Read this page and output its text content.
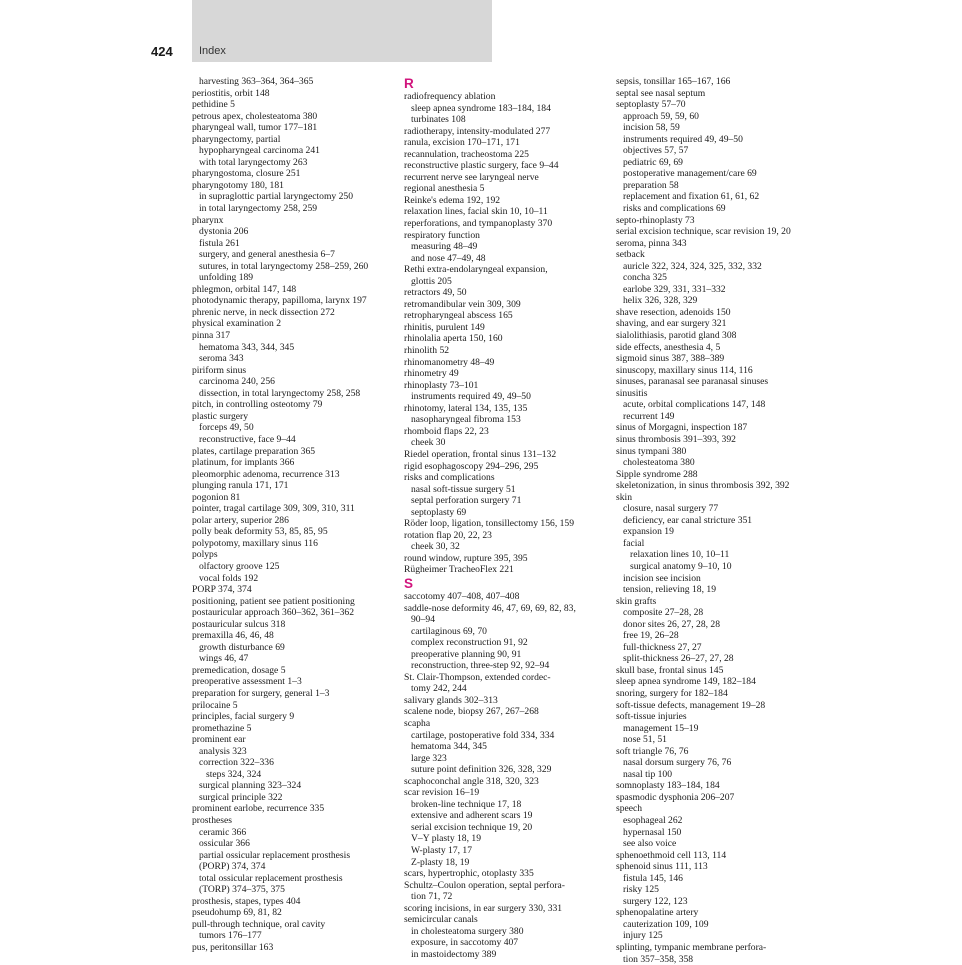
424 Index
harvesting 363–364, 364–365
periostitis, orbit 148
pethidine 5
petrous apex, cholesteatoma 380
pharyngeal wall, tumor 177–181
pharyngectomy, partial
hypopharyngeal carcinoma 241
with total laryngectomy 263
pharyngostoma, closure 251
pharyngotomy 180, 181
in supraglottic partial laryngectomy 250
in total laryngectomy 258, 259
pharynx
dystonia 206
fistula 261
surgery, and general anesthesia 6–7
sutures, in total laryngectomy 258–259, 260
unfolding 189
phlegmon, orbital 147, 148
photodynamic therapy, papilloma, larynx 197
phrenic nerve, in neck dissection 272
physical examination 2
pinna 317
hematoma 343, 344, 345
seroma 343
piriform sinus
carcinoma 240, 256
dissection, in total laryngectomy 258, 258
pitch, in controlling osteotomy 79
plastic surgery
forceps 49, 50
reconstructive, face 9–44
plates, cartilage preparation 365
platinum, for implants 366
pleomorphic adenoma, recurrence 313
plunging ranula 171, 171
pogonion 81
pointer, tragal cartilage 309, 309, 310, 311
polar artery, superior 286
polly beak deformity 53, 85, 85, 95
polypotomy, maxillary sinus 116
polyps
olfactory groove 125
vocal folds 192
PORP 374, 374
positioning, patient see patient positioning
postauricular approach 360–362, 361–362
postauricular sulcus 318
premaxilla 46, 46, 48
growth disturbance 69
wings 46, 47
premedication, dosage 5
preoperative assessment 1–3
preparation for surgery, general 1–3
prilocaine 5
principles, facial surgery 9
promethazine 5
prominent ear
analysis 323
correction 322–336
steps 324, 324
surgical planning 323–324
surgical principle 322
prominent earlobe, recurrence 335
prostheses
ceramic 366
ossicular 366
partial ossicular replacement prosthesis
(PORP) 374, 374
total ossicular replacement prosthesis
(TORP) 374–375, 375
prosthesis, stapes, types 404
pseudohump 69, 81, 82
pull-through technique, oral cavity
tumors 176–177
pus, peritonsillar 163
R
radiofrequency ablation
sleep apnea syndrome 183–184, 184
turbinates 108
radiotherapy, intensity-modulated 277
ranula, excision 170–171, 171
recannulation, tracheostoma 225
reconstructive plastic surgery, face 9–44
recurrent nerve see laryngeal nerve
regional anesthesia 5
Reinke's edema 192, 192
relaxation lines, facial skin 10, 10–11
reperforations, and tympanoplasty 370
respiratory function
measuring 48–49
and nose 47–49, 48
Rethi extra-endolaryngeal expansion,
glottis 205
retractors 49, 50
retromandibular vein 309, 309
retropharyngeal abscess 165
rhinitis, purulent 149
rhinolalia aperta 150, 160
rhinolith 52
rhinomanometry 48–49
rhinometry 49
rhinoplasty 73–101
instruments required 49, 49–50
rhinotomy, lateral 134, 135, 135
nasopharyngeal fibroma 153
rhomboid flaps 22, 23
cheek 30
Riedel operation, frontal sinus 131–132
rigid esophagoscopy 294–296, 295
risks and complications
nasal soft-tissue surgery 51
septal perforation surgery 71
septoplasty 69
Röder loop, ligation, tonsillectomy 156, 159
rotation flap 20, 22, 23
cheek 30, 32
round window, rupture 395, 395
Rügheimer TracheoFlex 221
S
saccotomy 407–408, 407–408
saddle-nose deformity 46, 47, 69, 69, 82, 83,
90–94
cartilaginous 69, 70
complex reconstruction 91, 92
preoperative planning 90, 91
reconstruction, three-step 92, 92–94
St. Clair-Thompson, extended cordec-
tomy 242, 244
salivary glands 302–313
scalene node, biopsy 267, 267–268
scapha
cartilage, postoperative fold 334, 334
hematoma 344, 345
large 323
suture point definition 326, 328, 329
scaphoconchal angle 318, 320, 323
scar revision 16–19
broken-line technique 17, 18
extensive and adherent scars 19
serial excision technique 19, 20
V–Y plasty 18, 19
W-plasty 17, 17
Z-plasty 18, 19
scars, hypertrophic, otoplasty 335
Schultz–Coulon operation, septal perfora-
tion 71, 72
scoring incisions, in ear surgery 330, 331
semicircular canals
in cholesteatoma surgery 380
exposure, in saccotomy 407
in mastoidectomy 389
sepsis, tonsillar 165–167, 166
septal see nasal septum
septoplasty 57–70
approach 59, 59, 60
incision 58, 59
instruments required 49, 49–50
objectives 57, 57
pediatric 69, 69
postoperative management/care 69
preparation 58
replacement and fixation 61, 61, 62
risks and complications 69
septo-rhinoplasty 73
serial excision technique, scar revision 19, 20
seroma, pinna 343
setback
auricle 322, 324, 324, 325, 332, 332
concha 325
earlobe 329, 331, 331–332
helix 326, 328, 329
shave resection, adenoids 150
shaving, and ear surgery 321
sialolithiasis, parotid gland 308
side effects, anesthesia 4, 5
sigmoid sinus 387, 388–389
sinuscopy, maxillary sinus 114, 116
sinuses, paranasal see paranasal sinuses
sinusitis
acute, orbital complications 147, 148
recurrent 149
sinus of Morgagni, inspection 187
sinus thrombosis 391–393, 392
sinus tympani 380
cholesteatoma 380
Sipple syndrome 288
skeletonization, in sinus thrombosis 392, 392
skin
closure, nasal surgery 77
deficiency, ear canal stricture 351
expansion 19
facial
relaxation lines 10, 10–11
surgical anatomy 9–10, 10
incision see incision
tension, relieving 18, 19
skin grafts
composite 27–28, 28
donor sites 26, 27, 28, 28
free 19, 26–28
full-thickness 27, 27
split-thickness 26–27, 27, 28
skull base, frontal sinus 145
sleep apnea syndrome 149, 182–184
snoring, surgery for 182–184
soft-tissue defects, management 19–28
soft-tissue injuries
management 15–19
nose 51, 51
soft triangle 76, 76
nasal dorsum surgery 76, 76
nasal tip 100
somnoplasty 183–184, 184
spasmodic dysphonia 206–207
speech
esophageal 262
hypernasal 150
see also voice
sphenoethmoid cell 113, 114
sphenoid sinus 111, 113
fistula 145, 146
risky 125
surgery 122, 123
sphenopalatine artery
cauterization 109, 109
injury 125
splinting, tympanic membrane perfora-
tion 357–358, 358
